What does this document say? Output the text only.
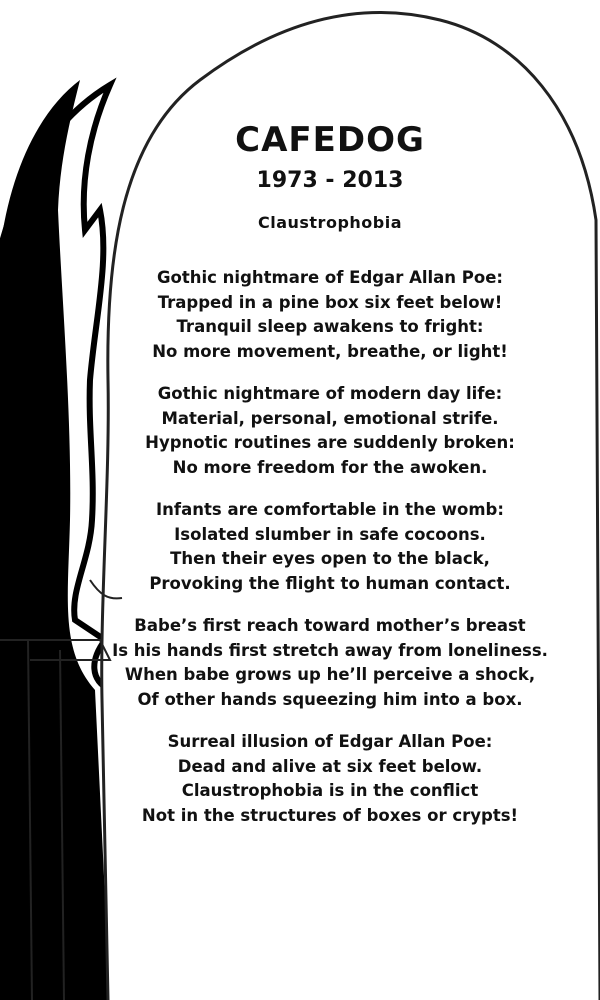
CAFEDOG
1973 - 2013
Claustrophobia
Gothic nightmare of Edgar Allan Poe:
Trapped in a pine box six feet below!
Tranquil sleep awakens to fright:
No more movement, breathe, or light!
Gothic nightmare of modern day life:
Material, personal, emotional strife.
Hypnotic routines are suddenly broken:
No more freedom for the awoken.
Infants are comfortable in the womb:
Isolated slumber in safe cocoons.
Then their eyes open to the black,
Provoking the flight to human contact.
Babe’s first reach toward mother’s breast
Is his hands first stretch away from loneliness.
When babe grows up he’ll perceive a shock,
Of other hands squeezing him into a box.
Surreal illusion of Edgar Allan Poe:
Dead and alive at six feet below.
Claustrophobia is in the conflict
Not in the structures of boxes or crypts!
